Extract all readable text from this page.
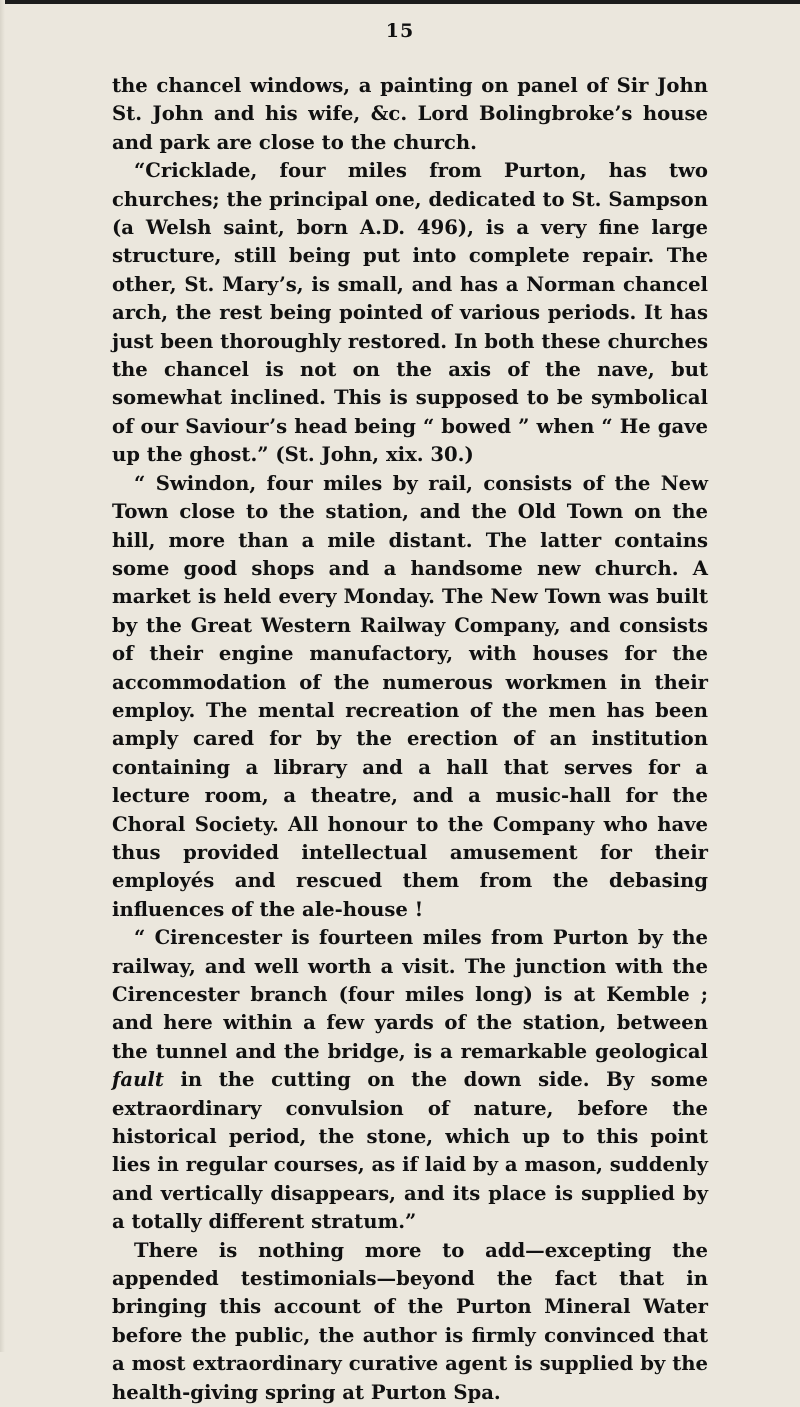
15

the chancel windows, a painting on panel of Sir John St. John and his wife, &c. Lord Bolingbroke’s house and park are close to the church.

“Cricklade, four miles from Purton, has two churches; the principal one, dedicated to St. Sampson (a Welsh saint, born A.D. 496), is a very fine large structure, still being put into complete repair. The other, St. Mary’s, is small, and has a Norman chancel arch, the rest being pointed of various periods. It has just been thoroughly restored. In both these churches the chancel is not on the axis of the nave, but somewhat inclined. This is supposed to be symbolical of our Saviour’s head being “ bowed ” when “ He gave up the ghost.” (St. John, xix. 30.)

“ Swindon, four miles by rail, consists of the New Town close to the station, and the Old Town on the hill, more than a mile distant. The latter contains some good shops and a handsome new church. A market is held every Monday. The New Town was built by the Great Western Railway Company, and consists of their engine manufactory, with houses for the accommodation of the numerous workmen in their employ. The mental recreation of the men has been amply cared for by the erection of an institution containing a library and a hall that serves for a lecture room, a theatre, and a music-hall for the Choral Society. All honour to the Company who have thus provided intellectual amusement for their employés and rescued them from the debasing influences of the ale-house !

“ Cirencester is fourteen miles from Purton by the railway, and well worth a visit. The junction with the Cirencester branch (four miles long) is at Kemble ; and here within a few yards of the station, between the tunnel and the bridge, is a remarkable geological fault in the cutting on the down side. By some extraordinary convulsion of nature, before the historical period, the stone, which up to this point lies in regular courses, as if laid by a mason, suddenly and vertically disappears, and its place is supplied by a totally different stratum.”

There is nothing more to add—excepting the appended testimonials—beyond the fact that in bringing this account of the Purton Mineral Water before the public, the author is firmly convinced that a most extraordinary curative agent is supplied by the health-giving spring at Purton Spa.
